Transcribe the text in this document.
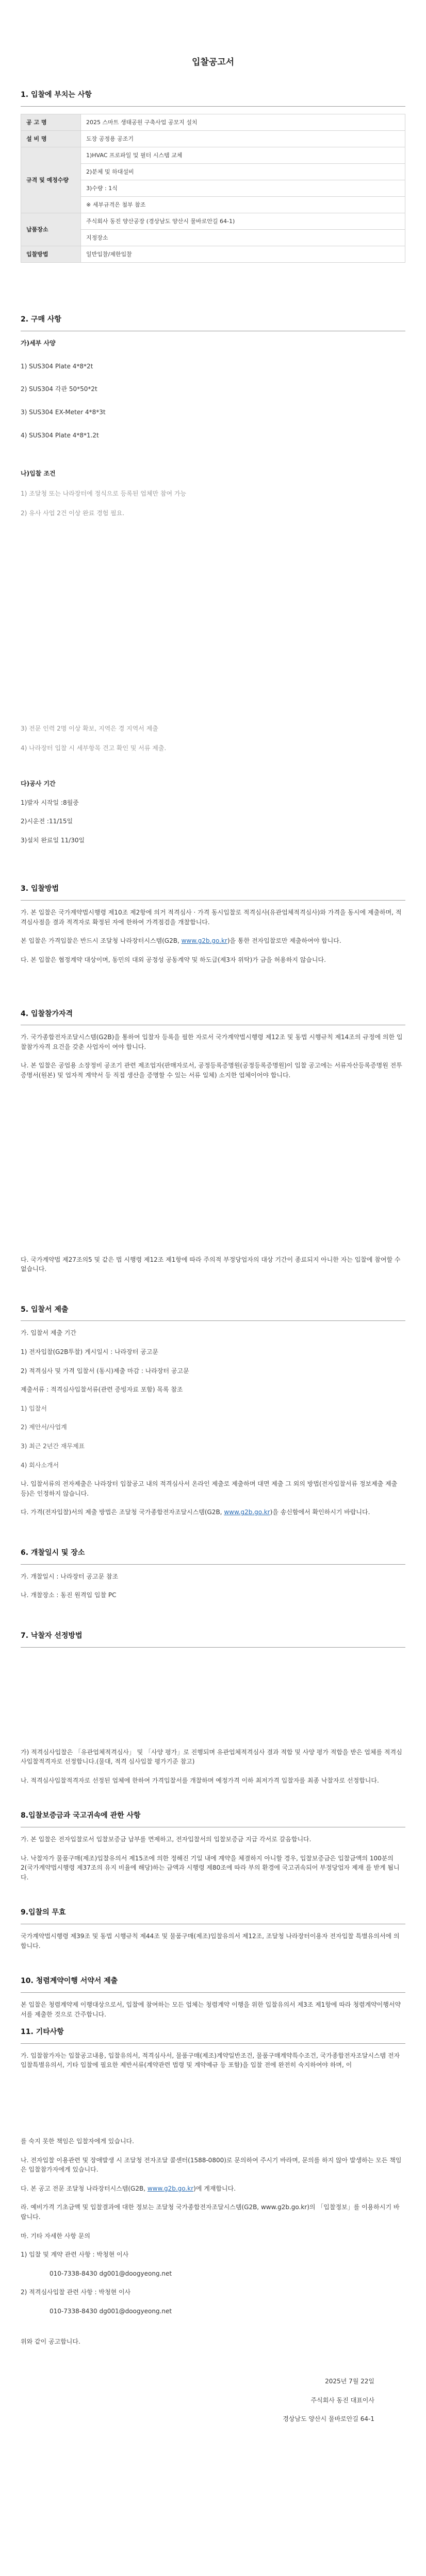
입찰공고서
1. 입찰에 부치는 사항
공 고 명	2025 스마트 생태공원 구축사업 공모지 설치
설 비 명	도장 공정용 공조기
규격 및 예정수량	1)HVAC 프로파일 및 필터 시스템 교체
	2)분체 및 하대설비
	3)수량 : 1식
	※ 세부규격은 첨부 참조
납품장소	주식회사 동진 양산공장 (경상남도 양산시 물바로안길 64-1)
	지정장소
입찰방법	일반입찰/제한입찰
2. 구매 사항

가)세부 사양

1) SUS304 Plate 4*8*2t

2) SUS304 각관 50*50*2t

3) SUS304 EX-Meter 4*8*3t

4) SUS304 Plate 4*8*1.2t

나)입찰 조건

1) 조달청 또는 나라장터에 정식으로 등록된 업체만 참여 가능

2) 유사 사업 2건 이상 완료 경험 필요.

3) 전문 인력 2명 이상 확보, 지역은 경 지역서 제출

4) 나라장터 입찰 시 세부항목 견고 확인 및 서류 제출.

다)공사 기간

1)발자 시작일 :8월중

2)시운전 :11/15일

3)설치 완료일 11/30일

3. 입찰방법

가. 본 입찰은 국가계약법시행령 제10조 제2항에 의거 적격심사 · 가격 동시입찰로 적격심사(유관업체적격심사)와 가격을 동시에 제출하며, 적격심사점을 결과 적격자로 확정된 자에 한하여 가격점검을 개찰합니다.

본 입찰은 가격입찰은 반드시 조달청 나라장터시스템(G2B, www.g2b.go.kr)을 통한 전자입찰로만 제출하여야 합니다.

다. 본 입찰은 협정계약 대상이며, 동민의 대외 공정성 공동계약 및 하도급(제3자 위탁)가 금을 허용하지 않습니다.

4. 입찰참가자격

가. 국가종합전자조달시스템(G2B)을 통하여 입찰자 등록을 필한 자로서 국가계약법시행령 제12조 및 동법 시행규칙 제14조의 규정에 의한 입찰참가자격 요건을 갖춘 사업자이 여야 합니다.

나. 본 입찰은 공업용 소장정비 공조기 관련 제조업자(판매자로서, 공정등록증명원(공정등록증명원)이 입찰 공고에는 서류자산등록증명원 전투증명서(원본) 및 업자적 계약서 등 직접 생산을 증명할 수 있는 서류 일체) 소지한 업체이어야 합니다.

다. 국가계약법 제27조의5 및 같은 법 시행령 제12조 제1항에 따라 주의적 부정당업자의 대상 기간이 종료되지 아니한 자는 입찰에 참여할 수 없습니다.

5. 입찰서 제출

가. 입찰서 제출 기간

1) 전자입찰(G2B투찰) 게시일시 : 나라장터 공고문

2) 적격심사 및 가격 입찰서 (동시)제출 마감 : 나라장터 공고문

제출서류 : 적격심사입찰서류(관련 증빙자료 포함) 목록 참조

1) 입찰서

2) 제안서/사업계

3) 최근 2년간 재무제표

4) 회사소개서

나. 입찰서류의 전자제출은 나라장터 입찰공고 내의 적격심사서 온라인 제출로 제출하며 대면 제출 그 외의 방법(전자입찰서류 정보제출 제출 등)은 인정하지 않습니다.

다. 가격(전자입찰)서의 제출 방법은 조달청 국가종합전자조달시스템(G2B, www.g2b.go.kr)을 송신함에서 확인하시기 바랍니다.

6. 개찰일시 및 장소

가. 개찰일시 : 나라장터 공고문 참조

나. 개찰장소 : 동진 원격입 입찰 PC

7. 낙찰자 선정방법

가) 적격심사입찰은 「유관업체적격심사」 및 「사양 평가」로 진행되며 유관업체적격심사 결과 적합 및 사양 평가 적합을 받은 업체를 적격심사입찰적격자로 선정합니다.(물대, 적격 심사입찰 평가기준 참고)

나. 적격심사입찰적격자로 선정된 업체에 한하여 가격입찰서를 개찰하며 예정가격 이하 최저가격 입찰자를 최종 낙찰자로 선정합니다.

8.입찰보증금과 국고귀속에 관한 사항

가. 본 입찰은 전자입찰로서 입찰보증금 납부를 면제하고, 전자입찰서의 입찰보증금 지급 각서로 갈음합니다.

나. 낙찰자가 물품구매(제조)입찰유의서 제15조에 의한 정해진 기일 내에 계약을 체결하지 아니할 경우, 입찰보증금은 입찰금액의 100분의 2(국가계약법시행령 제37조의 유지 비율에 해당)하는 금액과 시행령 제80조에 따라 부의 환경에 국고귀속되어 부정당업자 제재 를 받게 됩니다.

9.입찰의 무효

국가계약법시행령 제39조 및 동법 시행규칙 제44조 및 물품구매(제조)입찰유의서 제12조, 조달청 나라장터이용자 전자입찰 특별유의서에 의합니다.

10. 청렴계약이행 서약서 제출

본 입찰은 청렴계약제 이행대상으로서, 입찰에 참여하는 모든 업체는 청렴계약 이행을 위한 입찰유의서 제3조 제1항에 따라 청렴계약이행서약서를 제출한 것으로 간주합니다.

11. 기타사항

가. 입찰참가자는 입찰공고내용, 입찰유의서, 적격심사서, 물품구매(제조)계약일반조건, 물품구매계약특수조건, 국가종합전자조달시스템 전자입찰특별유의서, 기타 입찰에 필요한 제반서류(계약관련 법령 및 계약예규 등 포함)을 입찰 전에 완전히 숙지하여야 하며, 이

를 숙지 못한 책임은 입찰자에게 있습니다.

나. 전자입찰 이용관련 및 장애발생 시 조달청 전자조달 콜센터(1588-0800)로 문의하여 주시기 바라며, 문의를 하지 않아 발생하는 모든 책임은 입찰참가자에게 있습니다.

다. 본 공고 전문 조달청 나라장터시스템(G2B, www.g2b.go.kr)에 게재합니다.

라. 예비가격 기초금액 및 입찰결과에 대한 정보는 조달청 국가종합전자조달시스템(G2B, www.g2b.go.kr)의 「입찰정보」를 이용하시기 바랍니다.

마. 기타 자세한 사항 문의

1) 입찰 및 계약 관련 사항 : 박청현 이사

010-7338-8430 dg001@doogyeong.net

2) 적격심사입찰 관련 사항 : 박청현 이사

010-7338-8430 dg001@doogyeong.net

위와 같이 공고합니다.

2025년 7월 22일

주식회사 동진 대표이사

경상남도 양산시 물바로안길 64-1
